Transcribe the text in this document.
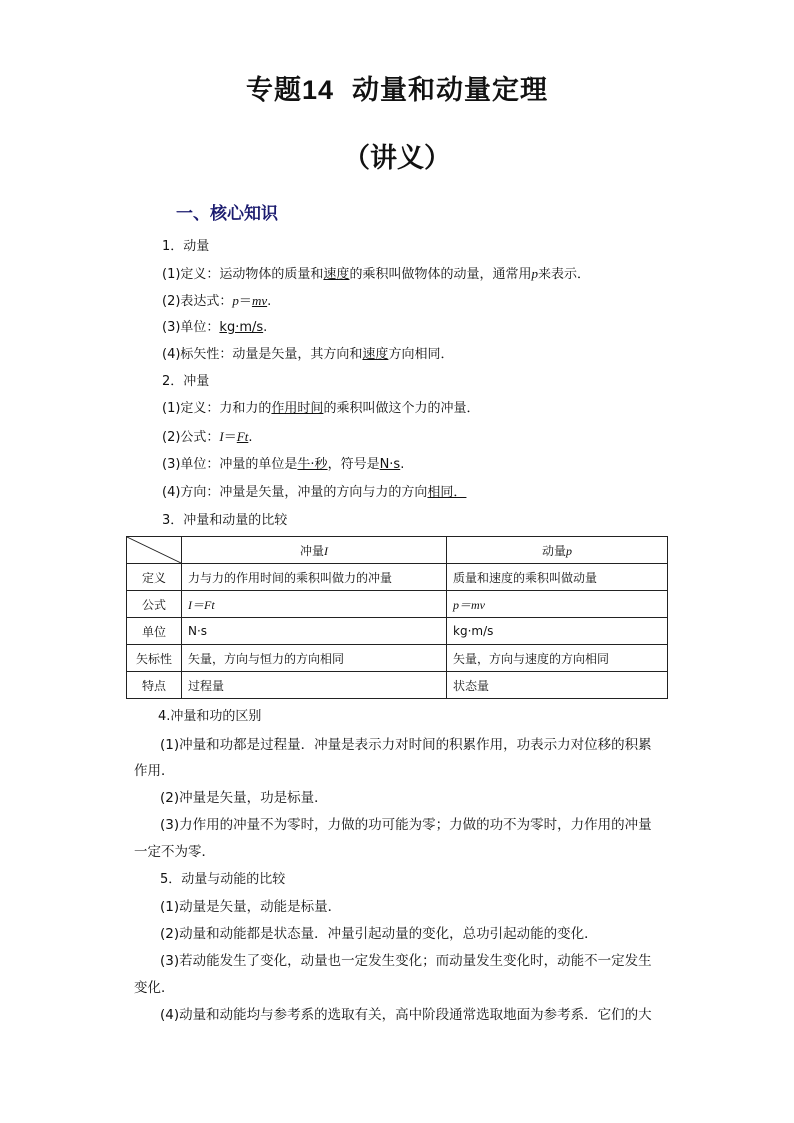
专题14 动量和动量定理
（讲义）
一、核心知识
1．动量
(1)定义：运动物体的质量和速度的乘积叫做物体的动量，通常用p来表示．
(2)表达式：p＝mv.
(3)单位：kg·m/s.
(4)标矢性：动量是矢量，其方向和速度方向相同．
2．冲量
(1)定义：力和力的作用时间的乘积叫做这个力的冲量．
(2)公式：I＝Ft.
(3)单位：冲量的单位是牛·秒，符号是N·s.
(4)方向：冲量是矢量，冲量的方向与力的方向相同．
3．冲量和动量的比较
	冲量I	动量p
定义	力与力的作用时间的乘积叫做力的冲量	质量和速度的乘积叫做动量
公式	I＝Ft	p＝mv
单位	N·s	kg·m/s
矢标性	矢量，方向与恒力的方向相同	矢量，方向与速度的方向相同
特点	过程量	状态量
4.冲量和功的区别
(1)冲量和功都是过程量．冲量是表示力对时间的积累作用，功表示力对位移的积累
作用．
(2)冲量是矢量，功是标量．
(3)力作用的冲量不为零时，力做的功可能为零；力做的功不为零时，力作用的冲量
一定不为零．
5．动量与动能的比较
(1)动量是矢量，动能是标量．
(2)动量和动能都是状态量．冲量引起动量的变化，总功引起动能的变化．
(3)若动能发生了变化，动量也一定发生变化；而动量发生变化时，动能不一定发生
变化．
(4)动量和动能均与参考系的选取有关，高中阶段通常选取地面为参考系．它们的大
